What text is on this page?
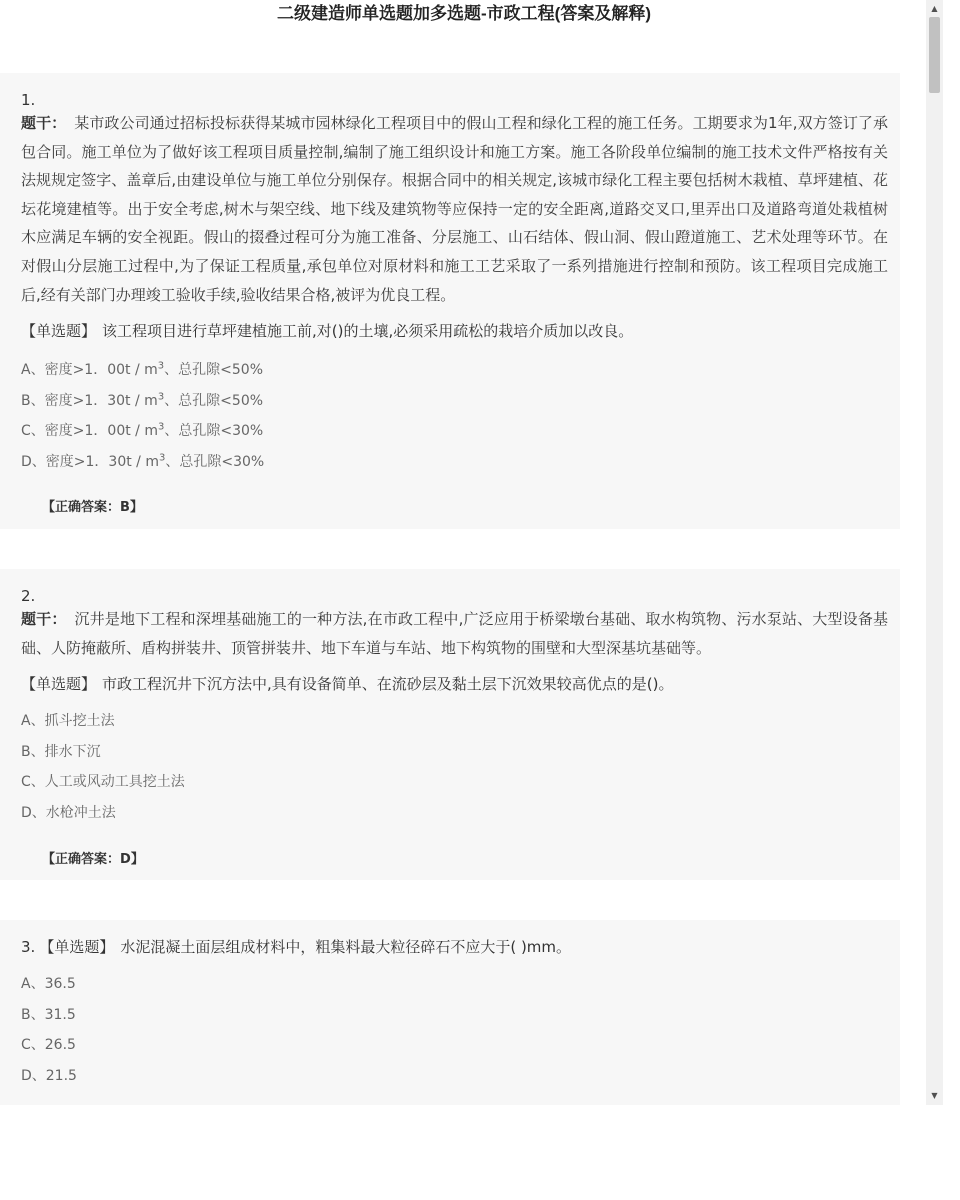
二级建造师单选题加多选题-市政工程(答案及解释)
1.

题干： 某市政公司通过招标投标获得某城市园林绿化工程项目中的假山工程和绿化工程的施工任务。工期要求为1年,双方签订了承包合同。施工单位为了做好该工程项目质量控制,编制了施工组织设计和施工方案。施工各阶段单位编制的施工技术文件严格按有关法规规定签字、盖章后,由建设单位与施工单位分别保存。根据合同中的相关规定,该城市绿化工程主要包括树木栽植、草坪建植、花坛花境建植等。出于安全考虑,树木与架空线、地下线及建筑物等应保持一定的安全距离,道路交叉口,里弄出口及道路弯道处栽植树木应满足车辆的安全视距。假山的掇叠过程可分为施工准备、分层施工、山石结体、假山洞、假山蹬道施工、艺术处理等环节。在对假山分层施工过程中,为了保证工程质量,承包单位对原材料和施工工艺采取了一系列措施进行控制和预防。该工程项目完成施工后,经有关部门办理竣工验收手续,验收结果合格,被评为优良工程。

【单选题】 该工程项目进行草坪建植施工前,对()的土壤,必须采用疏松的栽培介质加以改良。
A、密度>1．$00t / m^3$、总孔隙<50%
B、密度>1．$30t / m^3$、总孔隙<50%
C、密度>1．$00t / m^3$、总孔隙<30%
D、密度>1．$30t / m^3$、总孔隙<30%
【正确答案：B】
2.

题干： 沉井是地下工程和深埋基础施工的一种方法,在市政工程中,广泛应用于桥梁墩台基础、取水构筑物、污水泵站、大型设备基础、人防掩蔽所、盾构拼装井、顶管拼装井、地下车道与车站、地下构筑物的围壁和大型深基坑基础等。

【单选题】 市政工程沉井下沉方法中,具有设备简单、在流砂层及黏土层下沉效果较高优点的是()。
A、抓斗挖土法
B、排水下沉
C、人工或风动工具挖土法
D、水枪冲土法
【正确答案：D】
3. 【单选题】 水泥混凝土面层组成材料中，粗集料最大粒径碎石不应大于( )mm。
A、36.5
B、31.5
C、26.5
D、21.5
▲
▼
